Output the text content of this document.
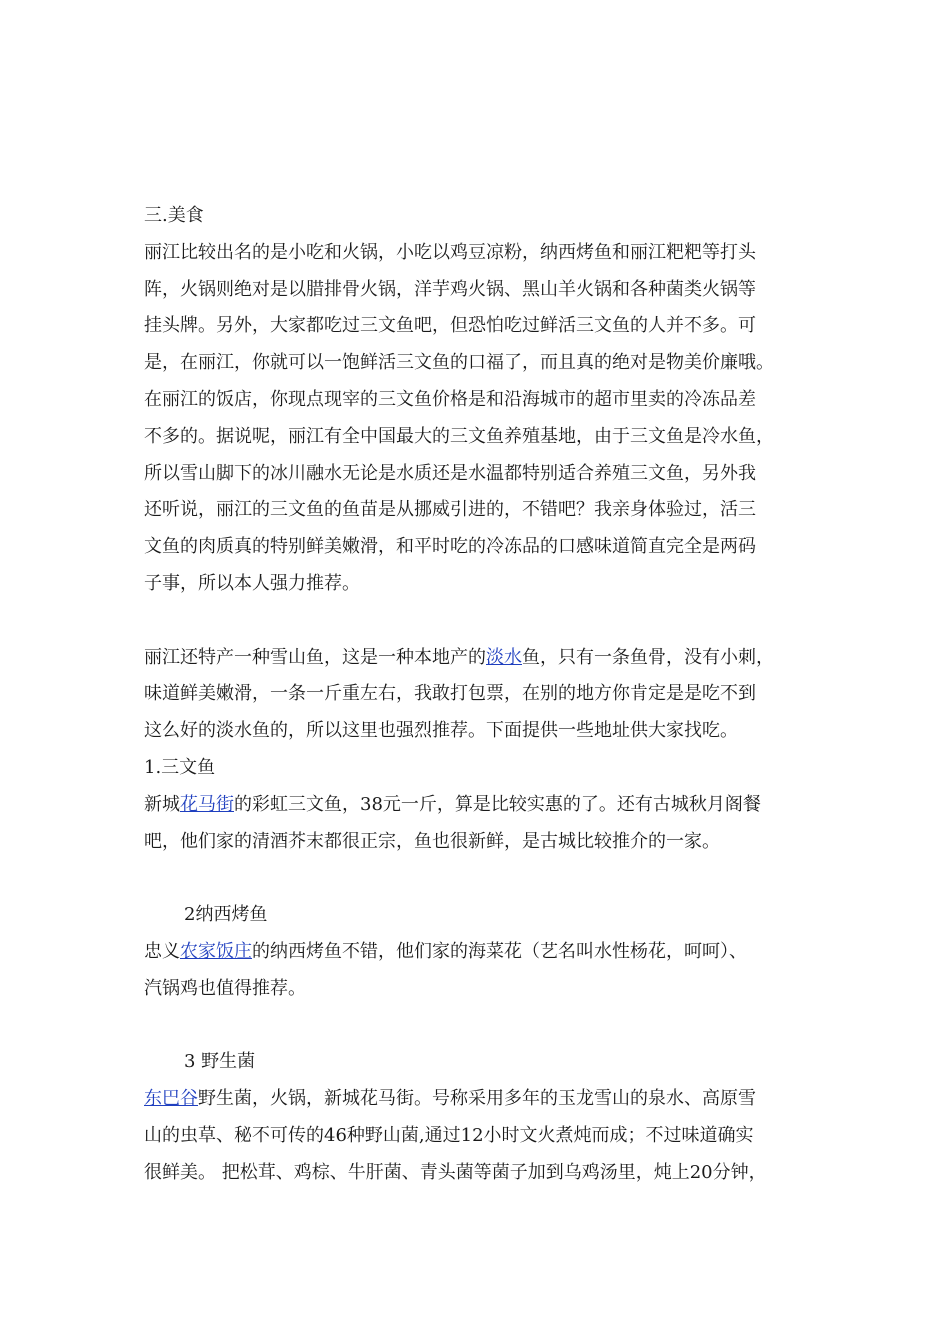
三.美食
丽江比较出名的是小吃和火锅，小吃以鸡豆凉粉，纳西烤鱼和丽江粑粑等打头
阵，火锅则绝对是以腊排骨火锅，洋芋鸡火锅、黑山羊火锅和各种菌类火锅等
挂头牌。另外，大家都吃过三文鱼吧，但恐怕吃过鲜活三文鱼的人并不多。可
是，在丽江，你就可以一饱鲜活三文鱼的口福了，而且真的绝对是物美价廉哦。
在丽江的饭店，你现点现宰的三文鱼价格是和沿海城市的超市里卖的冷冻品差
不多的。据说呢，丽江有全中国最大的三文鱼养殖基地，由于三文鱼是冷水鱼，
所以雪山脚下的冰川融水无论是水质还是水温都特别适合养殖三文鱼，另外我
还听说，丽江的三文鱼的鱼苗是从挪威引进的，不错吧？我亲身体验过，活三
文鱼的肉质真的特别鲜美嫩滑，和平时吃的冷冻品的口感味道简直完全是两码
子事，所以本人强力推荐。
丽江还特产一种雪山鱼，这是一种本地产的淡水鱼，只有一条鱼骨，没有小刺，
味道鲜美嫩滑，一条一斤重左右，我敢打包票，在别的地方你肯定是是吃不到
这么好的淡水鱼的，所以这里也强烈推荐。下面提供一些地址供大家找吃。
1.三文鱼
新城花马街的彩虹三文鱼，38元一斤，算是比较实惠的了。还有古城秋月阁餐
吧，他们家的清酒芥末都很正宗，鱼也很新鲜，是古城比较推介的一家。
2纳西烤鱼
忠义农家饭庄的纳西烤鱼不错，他们家的海菜花（艺名叫水性杨花，呵呵）、
汽锅鸡也值得推荐。
3 野生菌
东巴谷野生菌，火锅，新城花马街。号称采用多年的玉龙雪山的泉水、高原雪
山的虫草、秘不可传的46种野山菌,通过12小时文火煮炖而成；不过味道确实
很鲜美。 把松茸、鸡棕、牛肝菌、青头菌等菌子加到乌鸡汤里，炖上20分钟，
